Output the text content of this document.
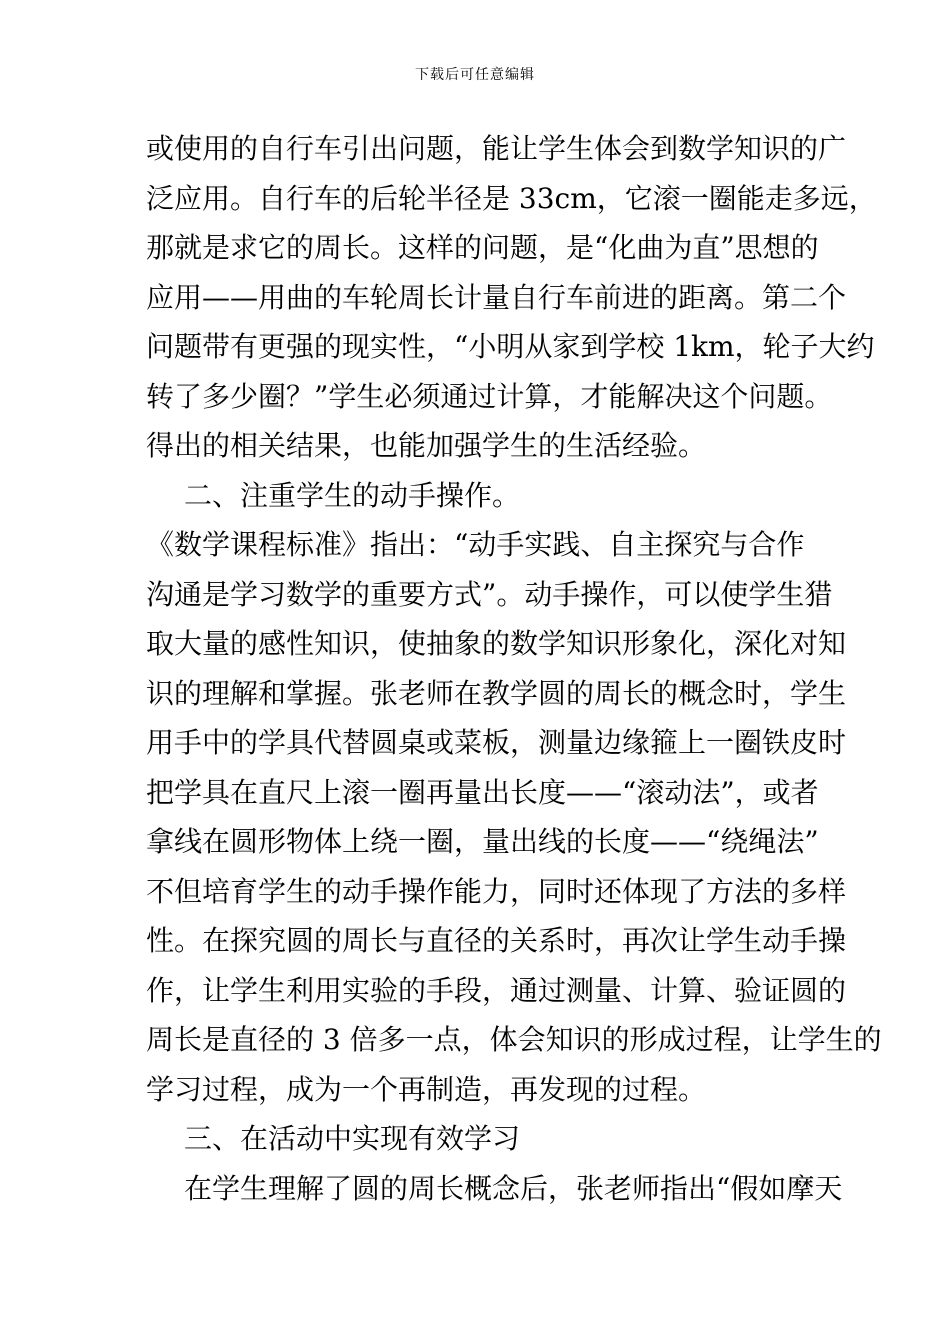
下载后可任意编辑
或使用的自行车引出问题，能让学生体会到数学知识的广
泛应用。自行车的后轮半径是 33cm，它滚一圈能走多远，
那就是求它的周长。这样的问题，是“化曲为直”思想的
应用——用曲的车轮周长计量自行车前进的距离。第二个
问题带有更强的现实性，“小明从家到学校 1km，轮子大约
转了多少圈？”学生必须通过计算，才能解决这个问题。
得出的相关结果，也能加强学生的生活经验。
二、注重学生的动手操作。
《数学课程标准》指出：“动手实践、自主探究与合作
沟通是学习数学的重要方式”。动手操作，可以使学生猎
取大量的感性知识，使抽象的数学知识形象化，深化对知
识的理解和掌握。张老师在教学圆的周长的概念时，学生
用手中的学具代替圆桌或菜板，测量边缘箍上一圈铁皮时
把学具在直尺上滚一圈再量出长度——“滚动法”，或者
拿线在圆形物体上绕一圈，量出线的长度——“绕绳法”
不但培育学生的动手操作能力，同时还体现了方法的多样
性。在探究圆的周长与直径的关系时，再次让学生动手操
作，让学生利用实验的手段，通过测量、计算、验证圆的
周长是直径的 3 倍多一点，体会知识的形成过程，让学生的
学习过程，成为一个再制造，再发现的过程。
三、在活动中实现有效学习
在学生理解了圆的周长概念后，张老师指出“假如摩天
